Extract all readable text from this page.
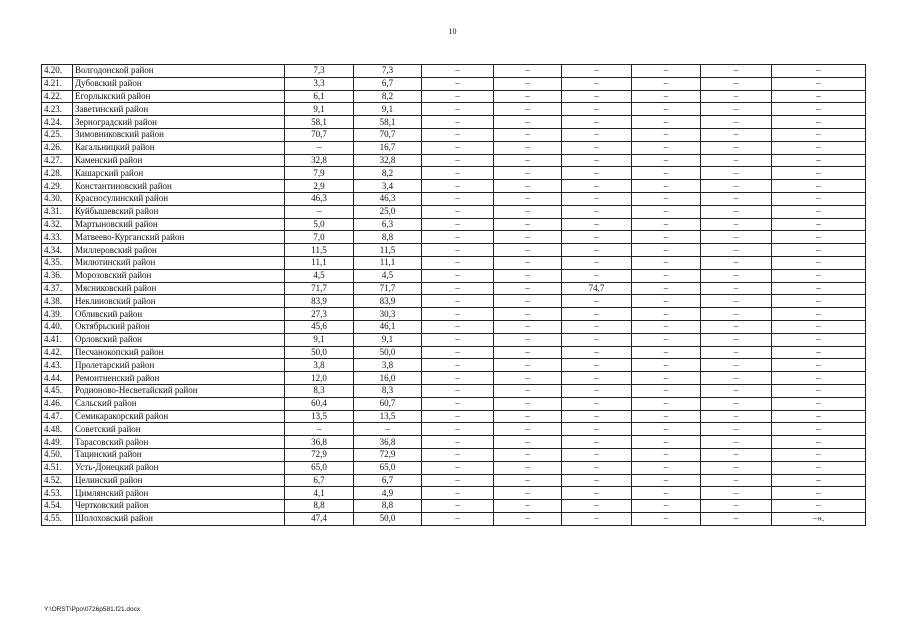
10
4.20.	Волгодонской район	7,3	7,3	–	–	–	–	–	–
4.21.	Дубовский район	3,3	6,7	–	–	–	–	–	–
4.22.	Егорлыкский район	6,1	8,2	–	–	–	–	–	–
4.23.	Заветинский район	9,1	9,1	–	–	–	–	–	–
4.24.	Зерноградский район	58,1	58,1	–	–	–	–	–	–
4.25.	Зимовниковский район	70,7	70,7	–	–	–	–	–	–
4.26.	Кагальницкий район	–	16,7	–	–	–	–	–	–
4.27.	Каменский район	32,8	32,8	–	–	–	–	–	–
4.28.	Кашарский район	7,9	8,2	–	–	–	–	–	–
4.29.	Константиновский район	2,9	3,4	–	–	–	–	–	–
4.30.	Красносулинский район	46,3	46,3	–	–	–	–	–	–
4.31.	Куйбышевский район	–	25,0	–	–	–	–	–	–
4.32.	Мартыновский район	5,0	6,3	–	–	–	–	–	–
4.33.	Матвеево-Курганский район	7,0	8,8	–	–	–	–	–	–
4.34.	Миллеровский район	11,5	11,5	–	–	–	–	–	–
4.35.	Милютинский район	11,1	11,1	–	–	–	–	–	–
4.36.	Морозовский район	4,5	4,5	–	–	–	–	–	–
4.37.	Мясниковский район	71,7	71,7	–	–	74,7	–	–	–
4.38.	Неклиновский район	83,9	83,9	–	–	–	–	–	–
4.39.	Обливский район	27,3	30,3	–	–	–	–	–	–
4.40.	Октябрьский район	45,6	46,1	–	–	–	–	–	–
4.41.	Орловский район	9,1	9,1	–	–	–	–	–	–
4.42.	Песчанокопский район	50,0	50,0	–	–	–	–	–	–
4.43.	Пролетарский район	3,8	3,8	–	–	–	–	–	–
4.44.	Ремонтненский район	12,0	16,0	–	–	–	–	–	–
4.45.	Родионово-Несветайский район	8,3	8,3	–	–	–	–	–	–
4.46.	Сальский район	60,4	60,7	–	–	–	–	–	–
4.47.	Семикаракорский район	13,5	13,5	–	–	–	–	–	–
4.48.	Советский район	–	–	–	–	–	–	–	–
4.49.	Тарасовский район	36,8	36,8	–	–	–	–	–	–
4.50.	Тацинский район	72,9	72,9	–	–	–	–	–	–
4.51.	Усть-Донецкий район	65,0	65,0	–	–	–	–	–	–
4.52.	Целинский район	6,7	6,7	–	–	–	–	–	–
4.53.	Цимлянский район	4,1	4,9	–	–	–	–	–	–
4.54.	Чертковский район	8,8	8,8	–	–	–	–	–	–
4.55.	Шолоховский район	47,4	50,0	–	–	–	–	–	–».
Y:\ORST\Ppo\0726p581.f21.docx
